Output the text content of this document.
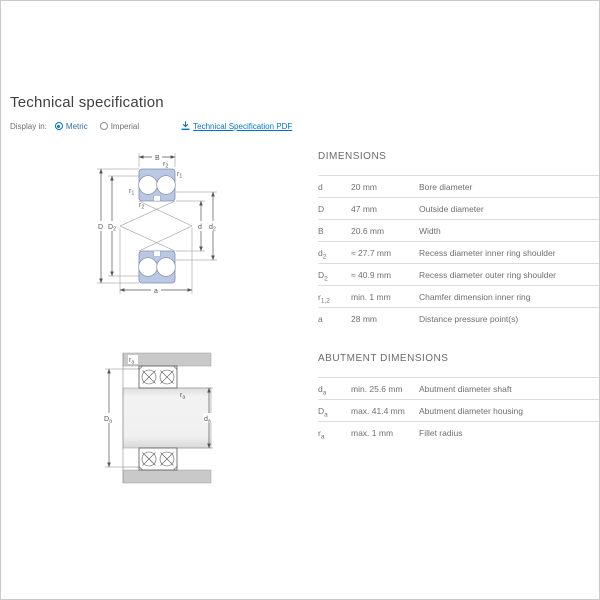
Technical specification
Display in: Metric	Imperial	Technical Specification PDF
B
D $D_2$	d $d_2$
a
$r_2$
$r_1$
$r_1$
$r_2$
$D_a$	$d_a$
$r_a$
$r_a$
DIMENSIONS
d	20 mm	Bore diameter
D	47 mm	Outside diameter
B	20.6 mm	Width
$d_2$	≈ 27.7 mm	Recess diameter inner ring shoulder
$D_2$	≈ 40.9 mm	Recess diameter outer ring shoulder
$r_{1,2}$	min. 1 mm	Chamfer dimension inner ring
a	28 mm	Distance pressure point(s)
ABUTMENT DIMENSIONS
$d_a$	min. 25.6 mm	Abutment diameter shaft
$D_a$	max. 41.4 mm	Abutment diameter housing
$r_a$	max. 1 mm	Fillet radius
